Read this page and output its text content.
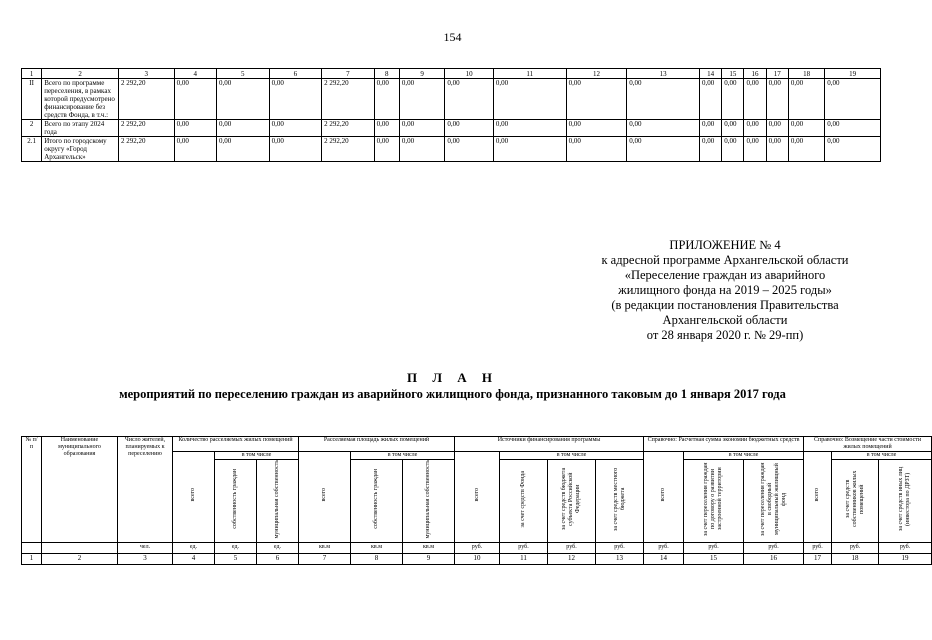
154
1	2	3	4	5	6	7	8	9	10	11	12	13	14	15	16	17	18	19
II	Всего по программе переселения, в рамках которой предусмотрено финансирование без средств Фонда, в т.ч.:	2 292,20	0,00	0,00	0,00	2 292,20	0,00	0,00	0,00	0,00	0,00	0,00	0,00	0,00	0,00	0,00	0,00	0,00
2	Всего по этапу 2024 года	2 292,20	0,00	0,00	0,00	2 292,20	0,00	0,00	0,00	0,00	0,00	0,00	0,00	0,00	0,00	0,00	0,00	0,00
2.1	Итого по городскому округу «Город Архангельск»	2 292,20	0,00	0,00	0,00	2 292,20	0,00	0,00	0,00	0,00	0,00	0,00	0,00	0,00	0,00	0,00	0,00	0,00
ПРИЛОЖЕНИЕ № 4
к адресной программе Архангельской области
«Переселение граждан из аварийного
жилищного фонда на 2019 – 2025 годы»
(в редакции постановления Правительства
Архангельской области
от 28 января 2020 г. № 29-пп)
П Л А Н
мероприятий по переселению граждан из аварийного жилищного фонда, признанного таковым до 1 января 2017 года
№ п/п	Наименование муниципального образования	Число жителей, планируемых к переселению	Количество расселяемых жилых помещений			Расселяемая площадь жилых помещений			Источники финансирования программы				Справочно: Расчетная сумма экономии бюджетных средств			Справочно: Возмещение части стоимости жилых помещений		
			всего	в том числе		всего	в том числе		всего	в том числе			всего	в том числе		всего	в том числе	
				собственность граждан	муниципальная собственность		собственность граждан	муниципальная собственность		за счет средств Фонда	за счет средств бюджета субъекта Российской Федерации	за счет средств местного бюджета		за счет переселения граждан по договору о развитии застроенной территории	за счет переселения граждан в свободный муниципальный жилищный фонд		за счет средств собственников жилых помещений	за счет средств иных лиц (инвестора по ДРЗТ)
		чел.	ед.	ед.	ед.	кв.м	кв.м	кв.м	руб.	руб.	руб.	руб.	руб.	руб.	руб.	руб.	руб.	руб.
1	2	3	4	5	6	7	8	9	10	11	12	13	14	15	16	17	18	19
